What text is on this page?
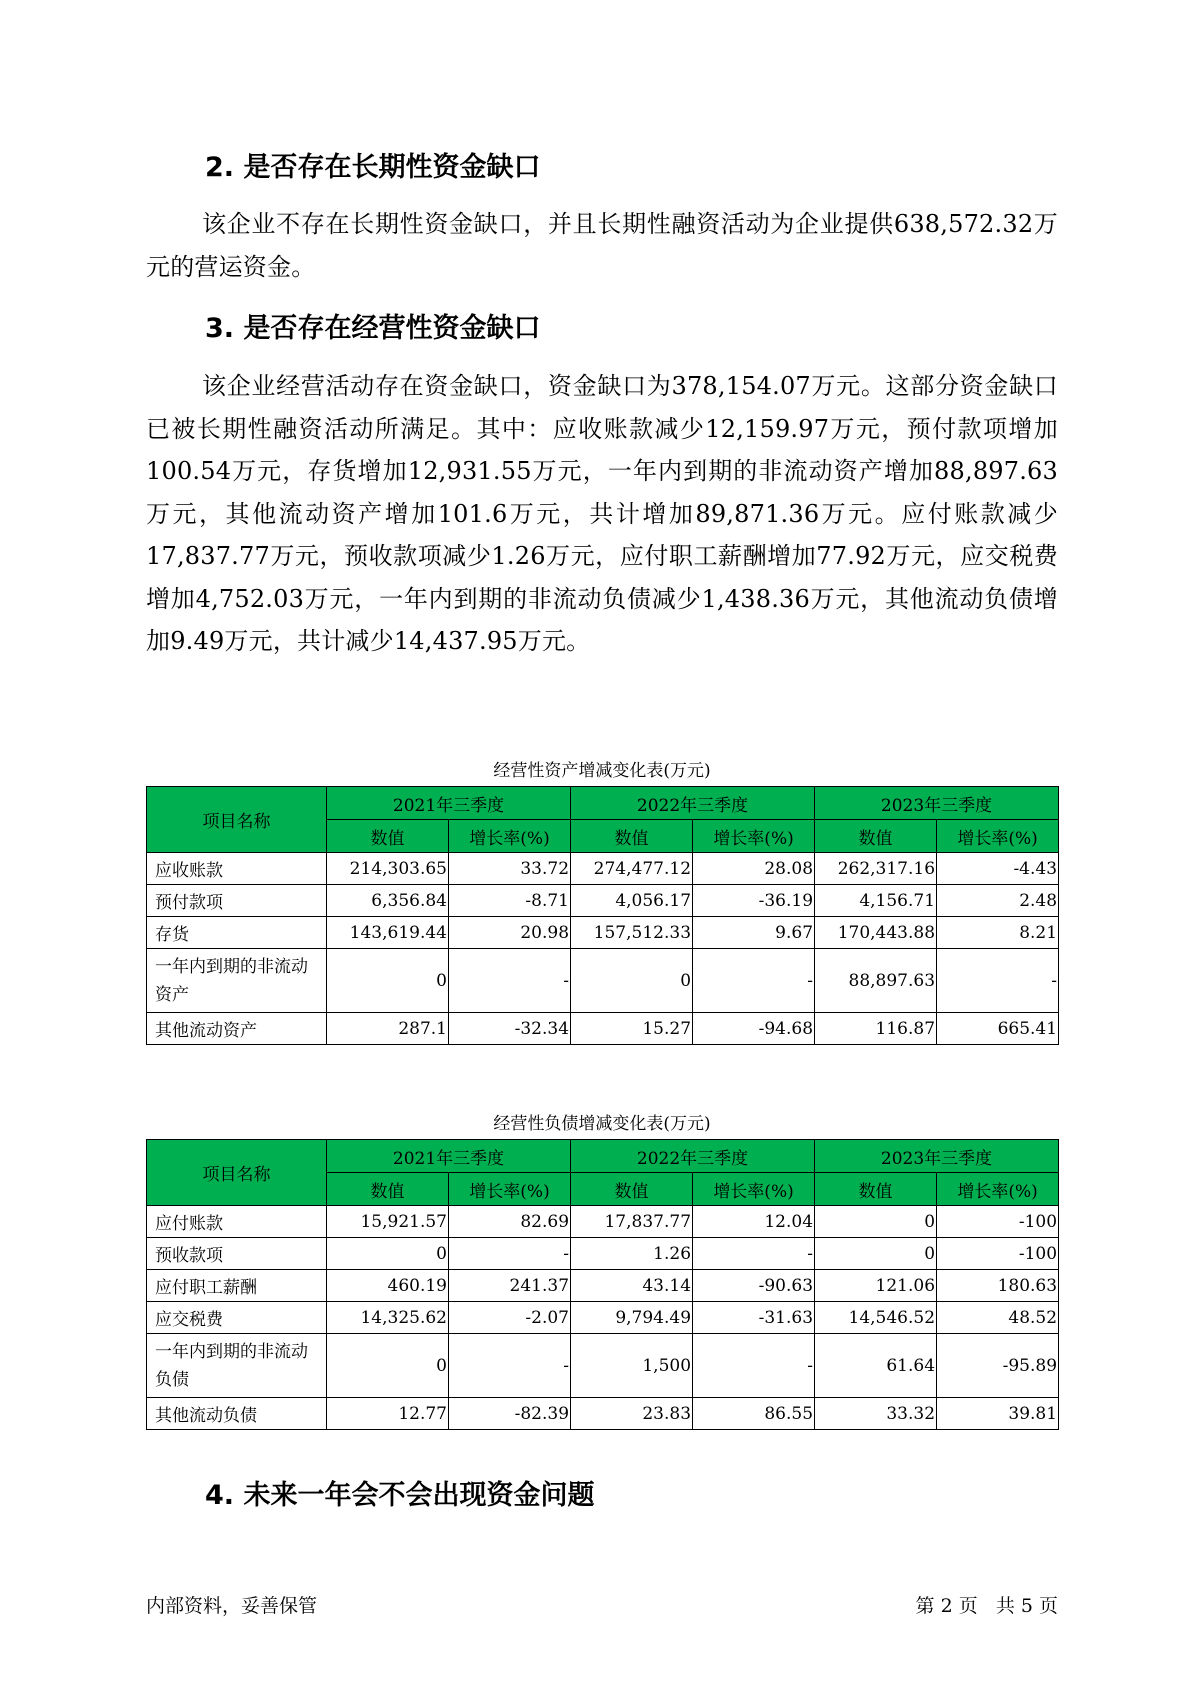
2. 是否存在长期性资金缺口

该企业不存在长期性资金缺口，并且长期性融资活动为企业提供638,572.32万元的营运资金。

3. 是否存在经营性资金缺口

该企业经营活动存在资金缺口，资金缺口为378,154.07万元。这部分资金缺口已被长期性融资活动所满足。其中：应收账款减少12,159.97万元，预付款项增加100.54万元，存货增加12,931.55万元，一年内到期的非流动资产增加88,897.63万元，其他流动资产增加101.6万元，共计增加89,871.36万元。应付账款减少17,837.77万元，预收款项减少1.26万元，应付职工薪酬增加77.92万元，应交税费增加4,752.03万元，一年内到期的非流动负债减少1,438.36万元，其他流动负债增加9.49万元，共计减少14,437.95万元。

经营性资产增减变化表(万元)
项目名称	2021年三季度		2022年三季度		2023年三季度	
	数值	增长率(%)	数值	增长率(%)	数值	增长率(%)
应收账款	214,303.65	33.72	274,477.12	28.08	262,317.16	-4.43
预付款项	6,356.84	-8.71	4,056.17	-36.19	4,156.71	2.48
存货	143,619.44	20.98	157,512.33	9.67	170,443.88	8.21
一年内到期的非流动资产	0	-	0	-	88,897.63	-
其他流动资产	287.1	-32.34	15.27	-94.68	116.87	665.41
经营性负债增减变化表(万元)
项目名称	2021年三季度		2022年三季度		2023年三季度	
	数值	增长率(%)	数值	增长率(%)	数值	增长率(%)
应付账款	15,921.57	82.69	17,837.77	12.04	0	-100
预收款项	0	-	1.26	-	0	-100
应付职工薪酬	460.19	241.37	43.14	-90.63	121.06	180.63
应交税费	14,325.62	-2.07	9,794.49	-31.63	14,546.52	48.52
一年内到期的非流动负债	0	-	1,500	-	61.64	-95.89
其他流动负债	12.77	-82.39	23.83	86.55	33.32	39.81
4. 未来一年会不会出现资金问题
内部资料，妥善保管	第 2 页   共 5 页
